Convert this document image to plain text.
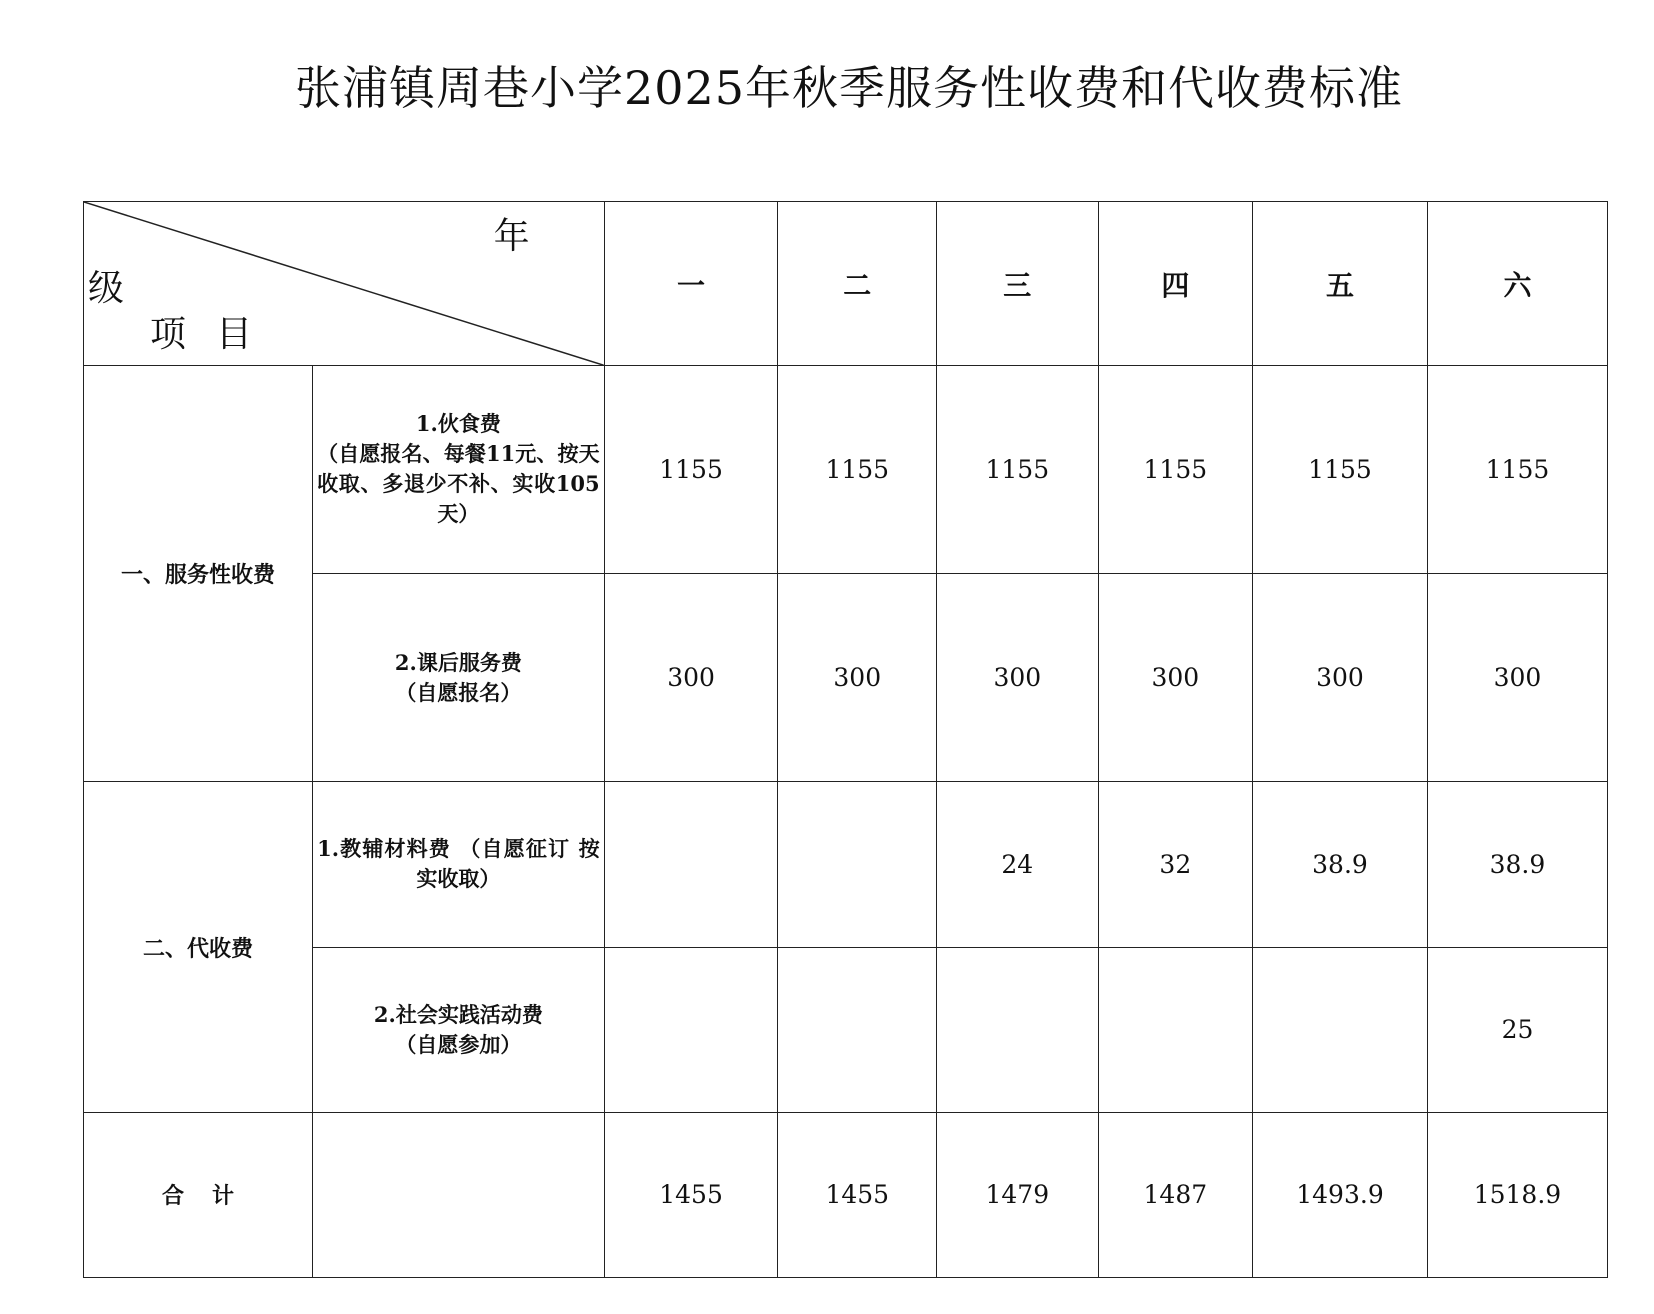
张浦镇周巷小学2025年秋季服务性收费和代收费标准
年
级
项目		一	二	三	四	五	六
一、服务性收费	1.伙食费
（自愿报名、每餐11元、按天收取、多退少不补、实收105天）	1155	1155	1155	1155	1155	1155

	2.课后服务费
（自愿报名）	300	300	300	300	300	300
二、代收费	1.教辅材料费 （自愿征订 按实收取）			24	32	38.9	38.9

	2.社会实践活动费
（自愿参加）						25
合计		1455	1455	1479	1487	1493.9	1518.9
